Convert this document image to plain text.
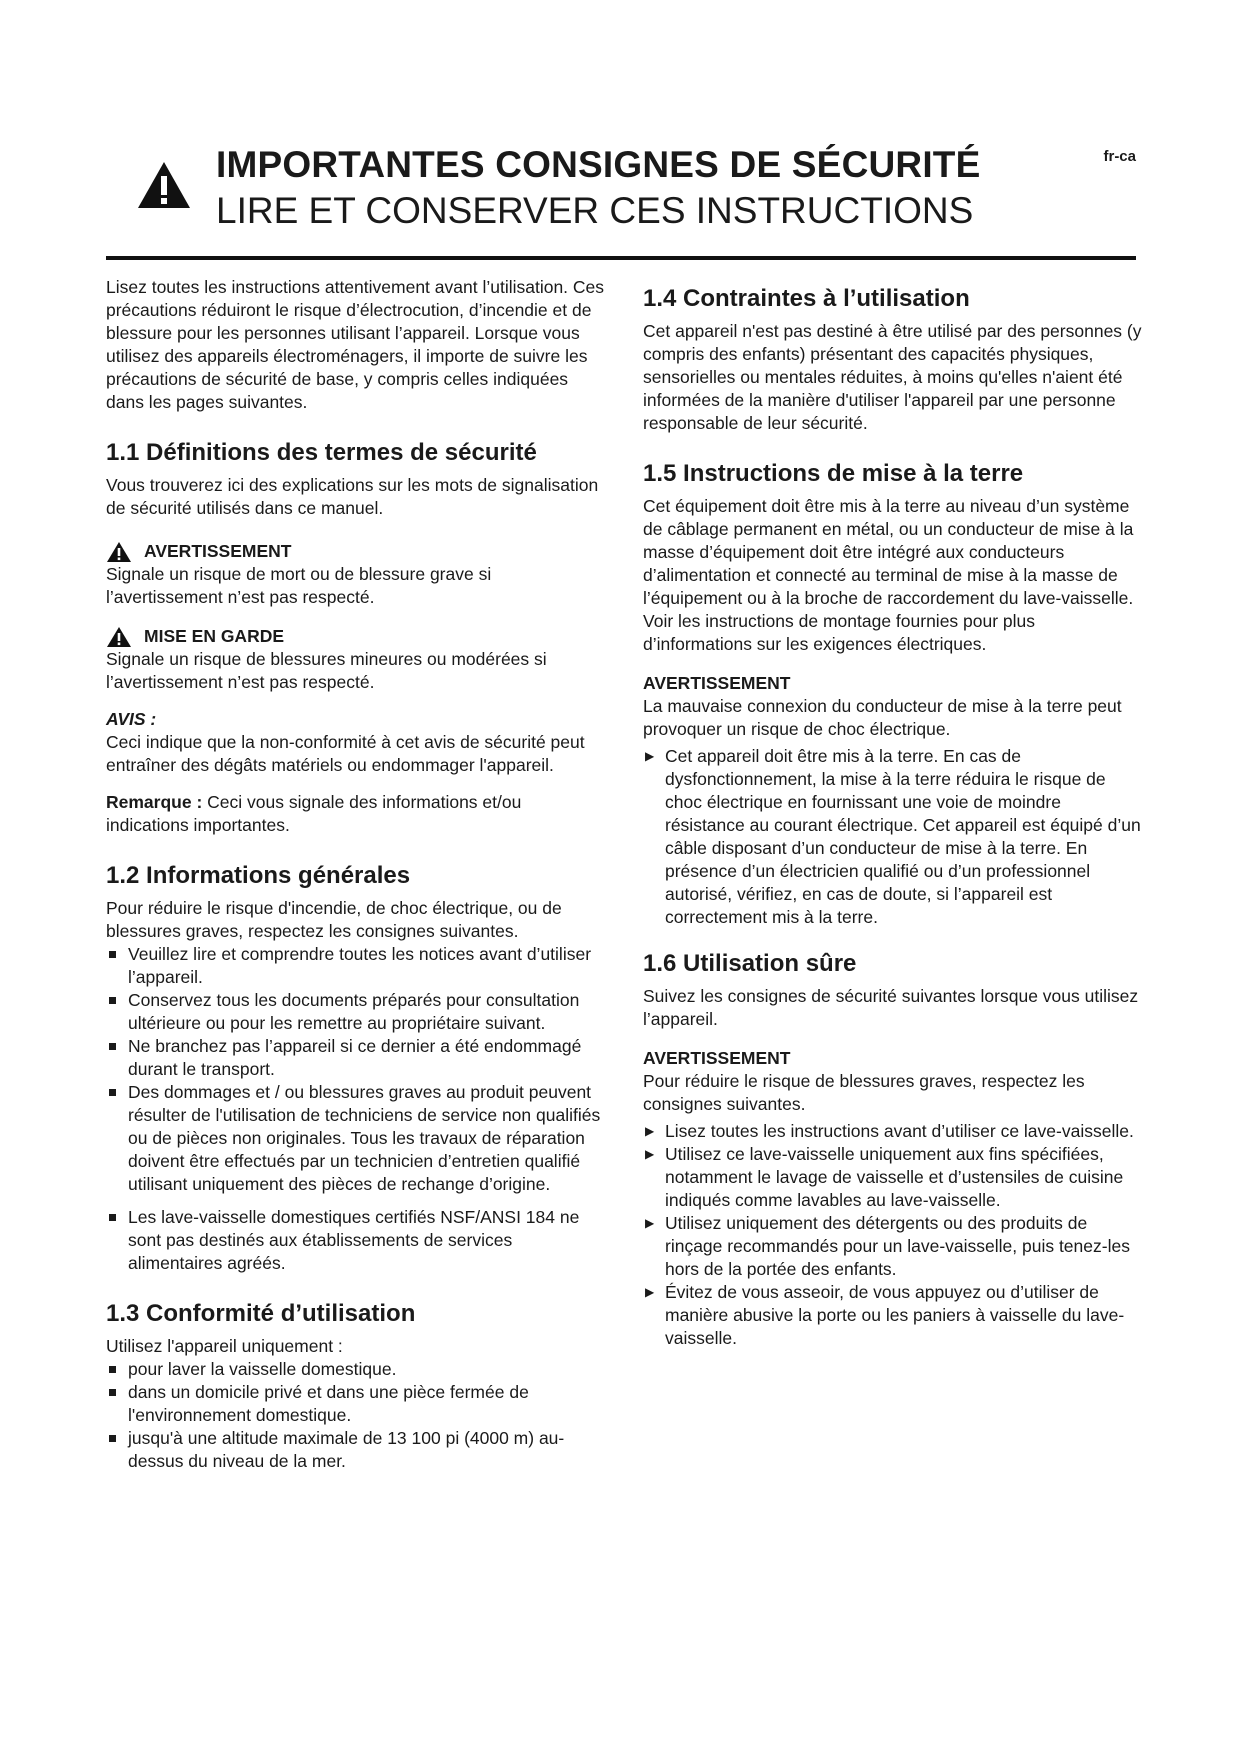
IMPORTANTES CONSIGNES DE SÉCURITÉ
LIRE ET CONSERVER CES INSTRUCTIONS
fr-ca

Lisez toutes les instructions attentivement avant l’utilisation. Ces précautions réduiront le risque d’électrocution, d’incendie et de blessure pour les personnes utilisant l’appareil. Lorsque vous utilisez des appareils électroménagers, il importe de suivre les précautions de sécurité de base, y compris celles indiquées dans les pages suivantes.

1.1 Définitions des termes de sécurité

Vous trouverez ici des explications sur les mots de signalisation de sécurité utilisés dans ce manuel.

AVERTISSEMENT

Signale un risque de mort ou de blessure grave si l’avertissement n’est pas respecté.

MISE EN GARDE

Signale un risque de blessures mineures ou modérées si l’avertissement n’est pas respecté.

AVIS :

Ceci indique que la non-conformité à cet avis de sécurité peut entraîner des dégâts matériels ou endommager l'appareil.

Remarque : Ceci vous signale des informations et/ou indications importantes.

1.2 Informations générales

Pour réduire le risque d'incendie, de choc électrique, ou de blessures graves, respectez les consignes suivantes.

Veuillez lire et comprendre toutes les notices avant d’utiliser l’appareil.
Conservez tous les documents préparés pour consultation ultérieure ou pour les remettre au propriétaire suivant.
Ne branchez pas l’appareil si ce dernier a été endommagé durant le transport.
Des dommages et / ou blessures graves au produit peuvent résulter de l'utilisation de techniciens de service non qualifiés ou de pièces non originales. Tous les travaux de réparation doivent être effectués par un technicien d’entretien qualifié utilisant uniquement des pièces de rechange d’origine.
Les lave-vaisselle domestiques certifiés NSF/ANSI 184 ne sont pas destinés aux établissements de services alimentaires agréés.
1.3 Conformité d’utilisation

Utilisez l'appareil uniquement :

pour laver la vaisselle domestique.
dans un domicile privé et dans une pièce fermée de l'environnement domestique.
jusqu'à une altitude maximale de 13 100 pi (4000 m) au-dessus du niveau de la mer.
1.4 Contraintes à l’utilisation

Cet appareil n'est pas destiné à être utilisé par des personnes (y compris des enfants) présentant des capacités physiques, sensorielles ou mentales réduites, à moins qu'elles n'aient été informées de la manière d'utiliser l'appareil par une personne responsable de leur sécurité.

1.5 Instructions de mise à la terre

Cet équipement doit être mis à la terre au niveau d’un système de câblage permanent en métal, ou un conducteur de mise à la masse d’équipement doit être intégré aux conducteurs d’alimentation et connecté au terminal de mise à la masse de l’équipement ou à la broche de raccordement du lave-vaisselle. Voir les instructions de montage fournies pour plus d’informations sur les exigences électriques.

AVERTISSEMENT

La mauvaise connexion du conducteur de mise à la terre peut provoquer un risque de choc électrique.

▶ Cet appareil doit être mis à la terre. En cas de dysfonctionnement, la mise à la terre réduira le risque de choc électrique en fournissant une voie de moindre résistance au courant électrique. Cet appareil est équipé d’un câble disposant d’un conducteur de mise à la terre. En présence d’un électricien qualifié ou d’un professionnel autorisé, vérifiez, en cas de doute, si l’appareil est correctement mis à la terre.
1.6 Utilisation sûre

Suivez les consignes de sécurité suivantes lorsque vous utilisez l’appareil.

AVERTISSEMENT

Pour réduire le risque de blessures graves, respectez les consignes suivantes.

▶ Lisez toutes les instructions avant d’utiliser ce lave-vaisselle.
▶ Utilisez ce lave-vaisselle uniquement aux fins spécifiées, notamment le lavage de vaisselle et d’ustensiles de cuisine indiqués comme lavables au lave-vaisselle.
▶ Utilisez uniquement des détergents ou des produits de rinçage recommandés pour un lave-vaisselle, puis tenez-les hors de la portée des enfants.
▶ Évitez de vous asseoir, de vous appuyez ou d’utiliser de manière abusive la porte ou les paniers à vaisselle du lave-vaisselle.
